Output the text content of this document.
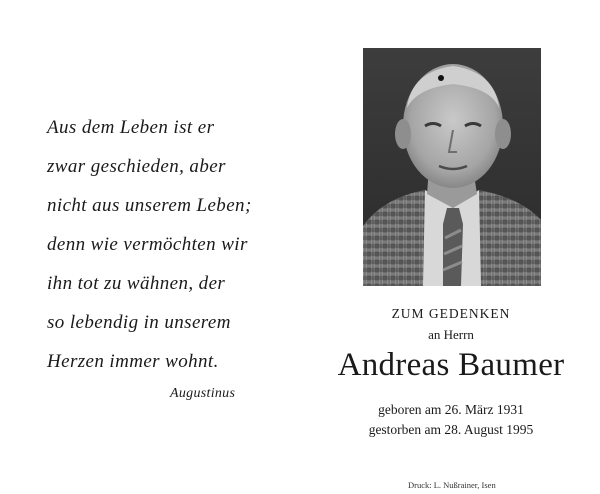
Aus dem Leben ist er
zwar geschieden, aber
nicht aus unserem Leben;
denn wie vermöchten wir
ihn tot zu wähnen, der
so lebendig in unserem
Herzen immer wohnt.
Augustinus
ZUM GEDENKEN
an Herrn
Andreas Baumer
geboren am 26. März 1931
gestorben am 28. August 1995
Druck: L. Nußrainer, Isen
